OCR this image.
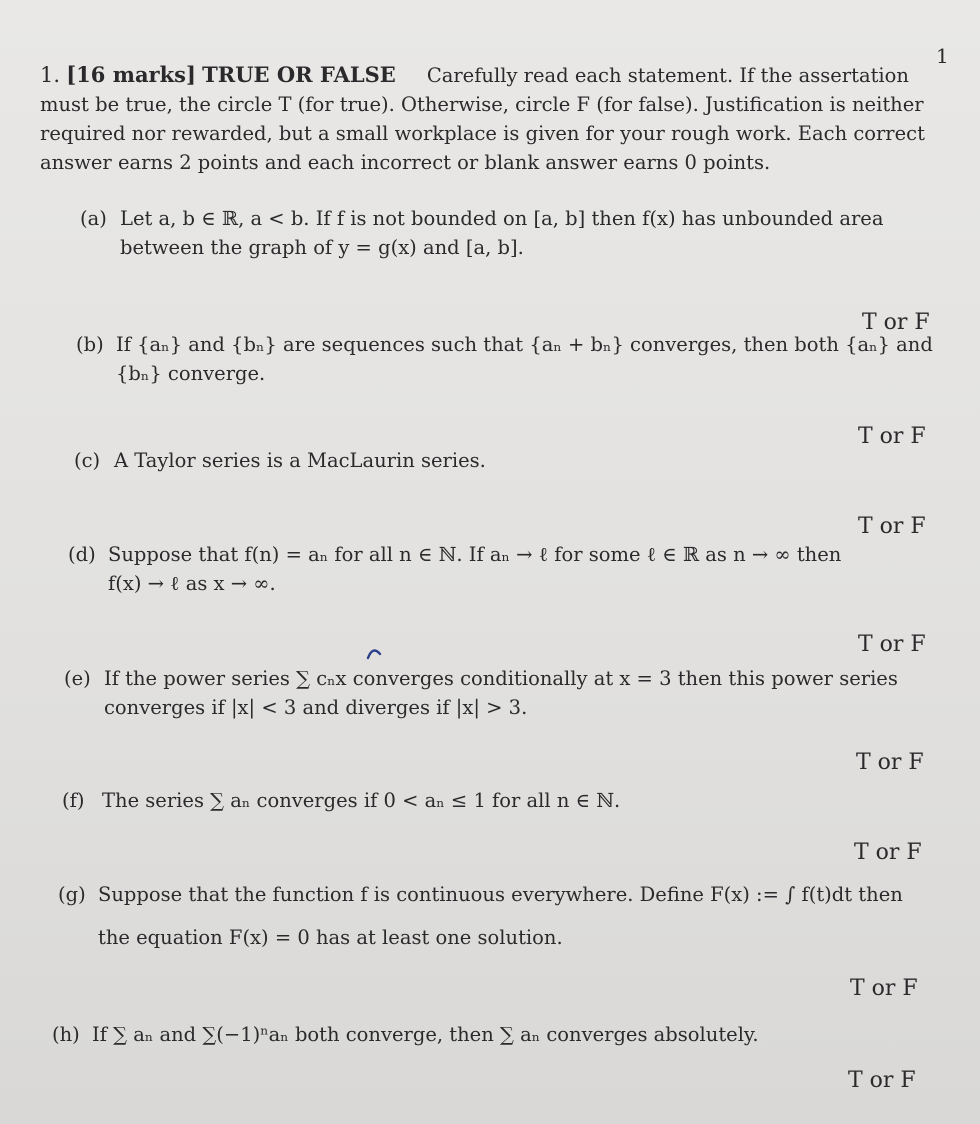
1
1. [16 marks] TRUE OR FALSE Carefully read each statement. If the assertation must be true, the circle T (for true). Otherwise, circle F (for false). Justification is neither required nor rewarded, but a small workplace is given for your rough work. Each correct answer earns 2 points and each incorrect or blank answer earns 0 points.
(a) Let a, b ∈ ℝ, a < b. If f is not bounded on [a, b] then f(x) has unbounded area
between the graph of y = g(x) and [a, b].
T or F
(b) If {aₙ} and {bₙ} are sequences such that {aₙ + bₙ} converges, then both {aₙ} and
{bₙ} converge.
T or F
(c) A Taylor series is a MacLaurin series.
T or F
(d) Suppose that f(n) = aₙ for all n ∈ ℕ. If aₙ → ℓ for some ℓ ∈ ℝ as n → ∞ then
f(x) → ℓ as x → ∞.
T or F
(e) If the power series ∑ cₙx converges conditionally at x = 3 then this power series
converges if |x| < 3 and diverges if |x| > 3.
T or F
(f) The series ∑ aₙ converges if 0 < aₙ ≤ 1 for all n ∈ ℕ.
T or F
(g) Suppose that the function f is continuous everywhere. Define F(x) := ∫ f(t)dt then
the equation F(x) = 0 has at least one solution.
T or F
(h) If ∑ aₙ and ∑(−1)ⁿaₙ both converge, then ∑ aₙ converges absolutely.
T or F
